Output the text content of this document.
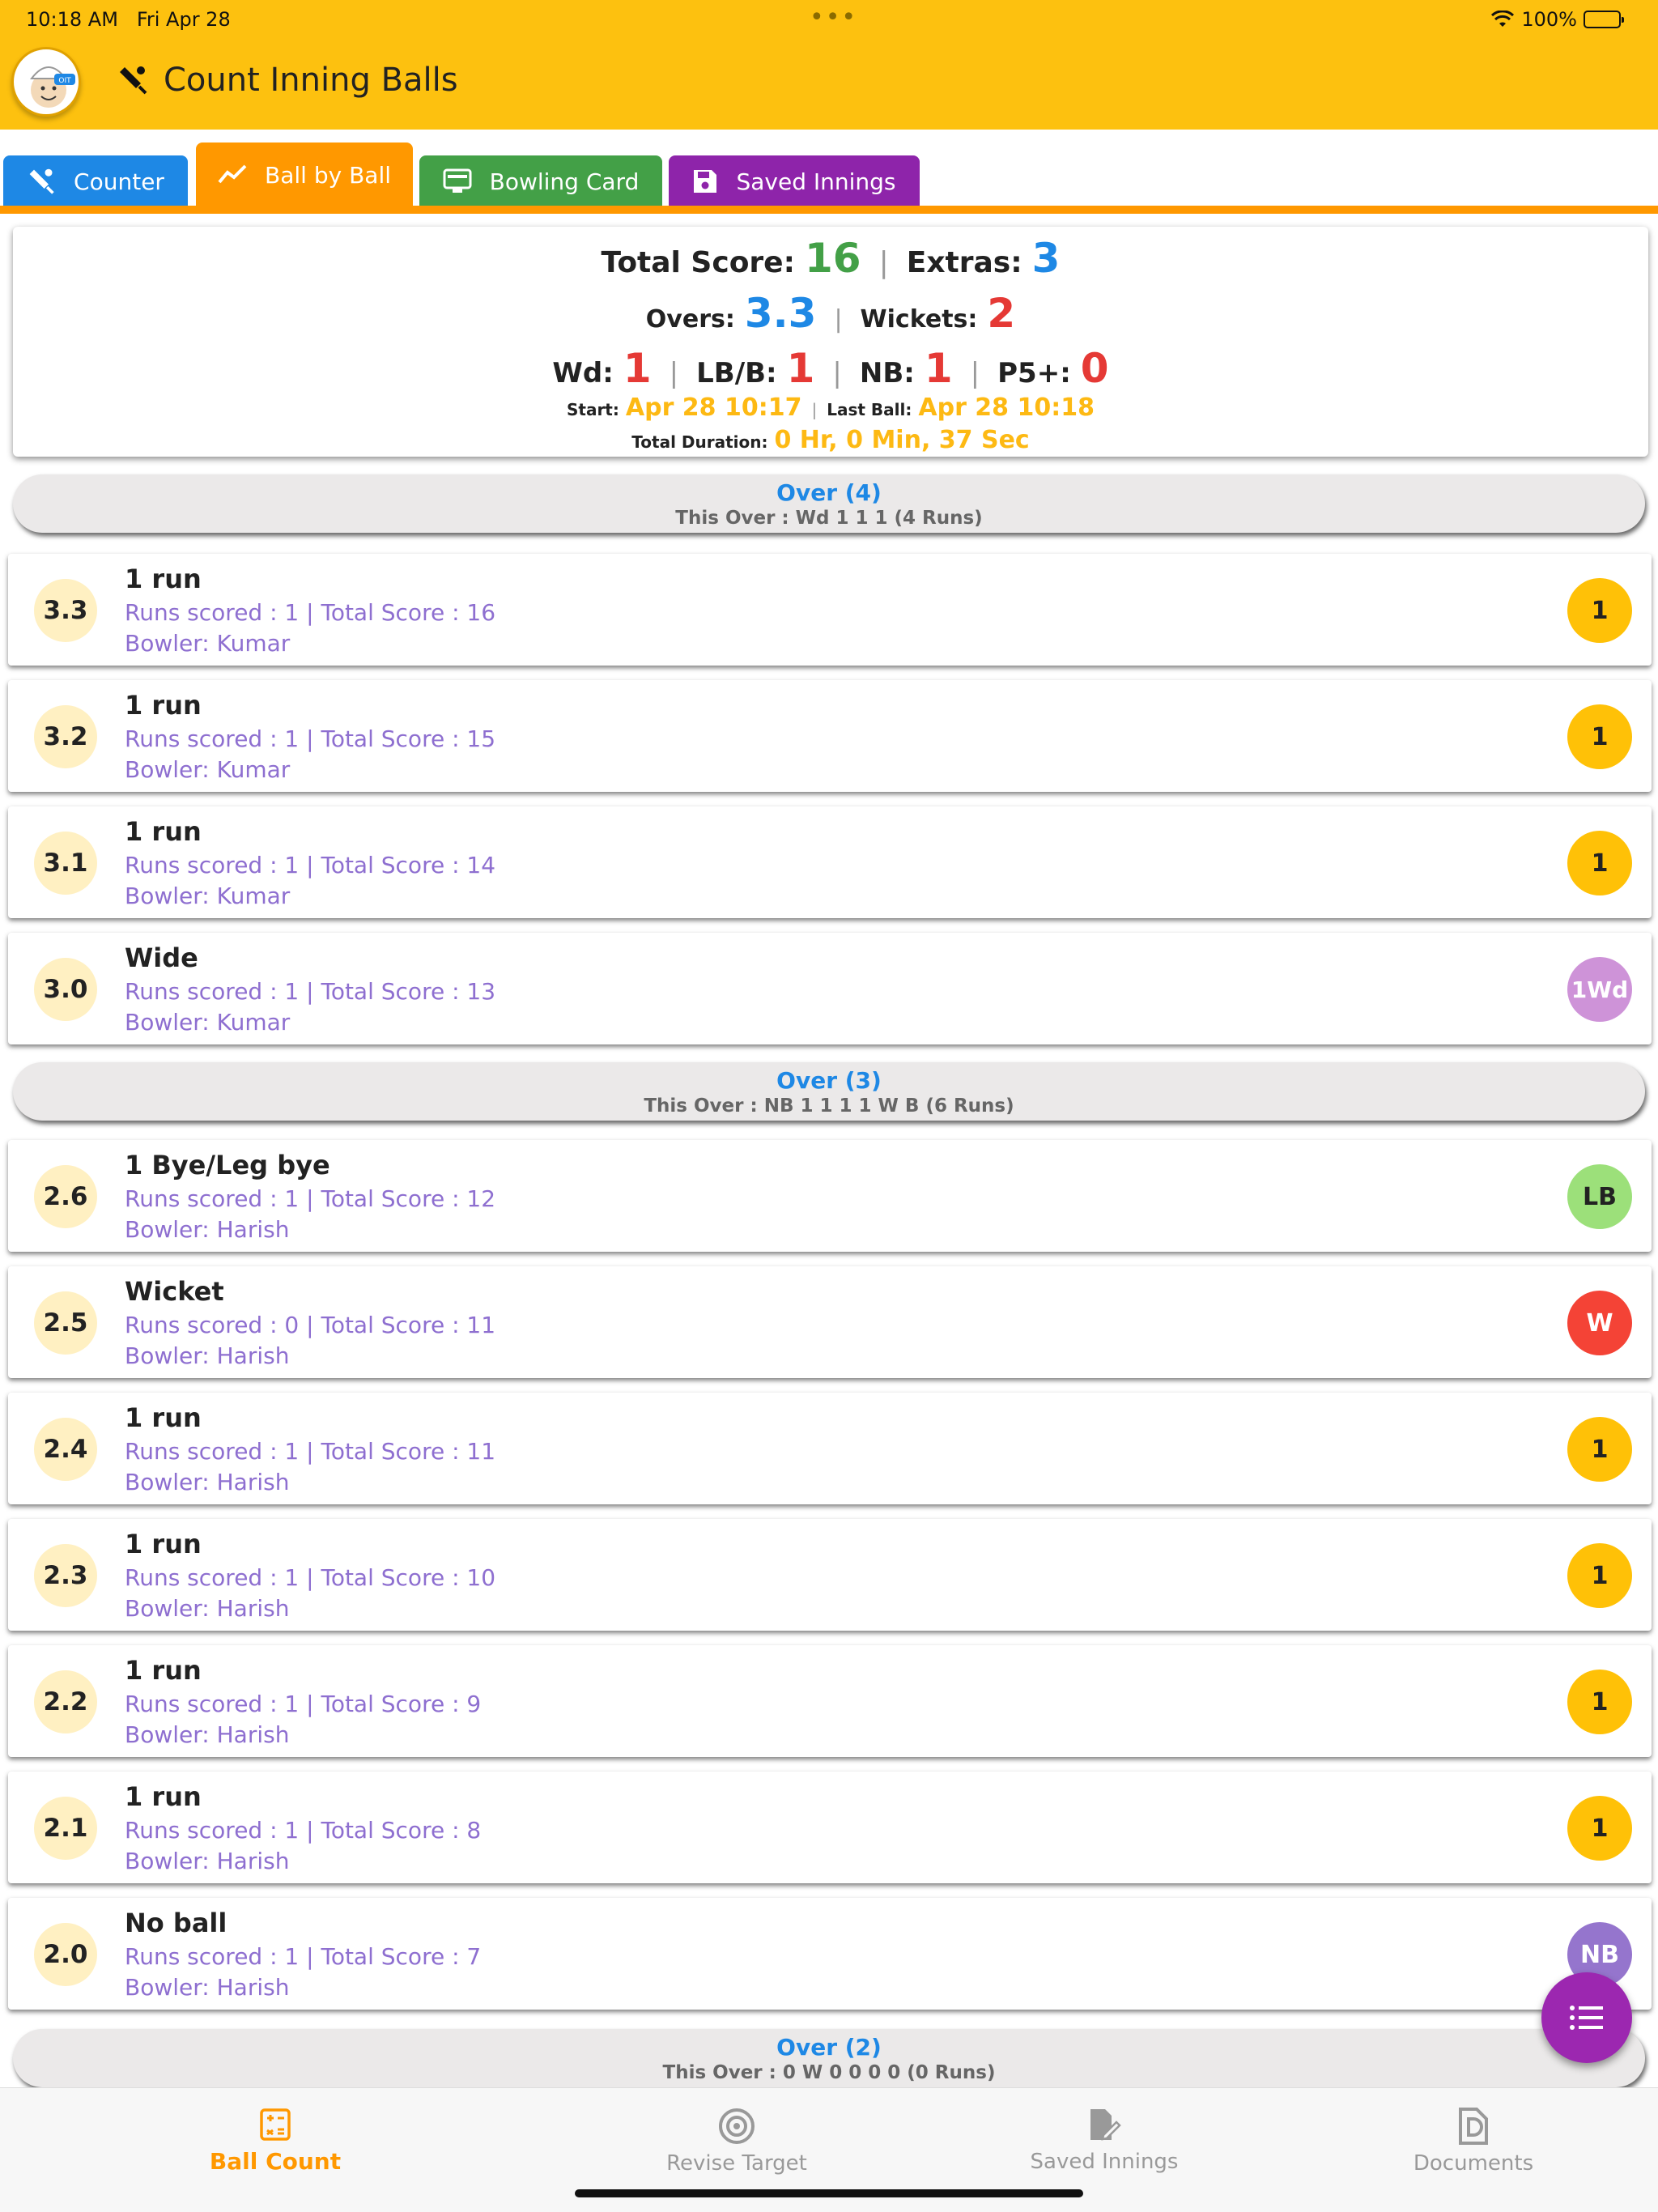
10:18 AM Fri Apr 28	•••	100%
OIT	Count Inning Balls
Counter	Ball by Ball	Bowling Card	Saved Innings
Total Score: 16 | Extras: 3
Overs: 3.3 | Wickets: 2
Wd: 1 | LB/B: 1 | NB: 1 | P5+: 0
Start: Apr 28 10:17 | Last Ball: Apr 28 10:18
Total Duration: 0 Hr, 0 Min, 37 Sec
Over (4)
This Over : Wd 1 1 1 (4 Runs)
3.3
1 run
Runs scored : 1 | Total Score : 16
Bowler: Kumar
1
3.2
1 run
Runs scored : 1 | Total Score : 15
Bowler: Kumar
1
3.1
1 run
Runs scored : 1 | Total Score : 14
Bowler: Kumar
1
3.0
Wide
Runs scored : 1 | Total Score : 13
Bowler: Kumar
1Wd
Over (3)
This Over : NB 1 1 1 1 W B (6 Runs)
2.6
1 Bye/Leg bye
Runs scored : 1 | Total Score : 12
Bowler: Harish
LB
2.5
Wicket
Runs scored : 0 | Total Score : 11
Bowler: Harish
W
2.4
1 run
Runs scored : 1 | Total Score : 11
Bowler: Harish
1
2.3
1 run
Runs scored : 1 | Total Score : 10
Bowler: Harish
1
2.2
1 run
Runs scored : 1 | Total Score : 9
Bowler: Harish
1
2.1
1 run
Runs scored : 1 | Total Score : 8
Bowler: Harish
1
2.0
No ball
Runs scored : 1 | Total Score : 7
Bowler: Harish
NB
Over (2)
This Over : 0 W 0 0 0 0 (0 Runs)
Ball Count	Revise Target	Saved Innings	Documents
